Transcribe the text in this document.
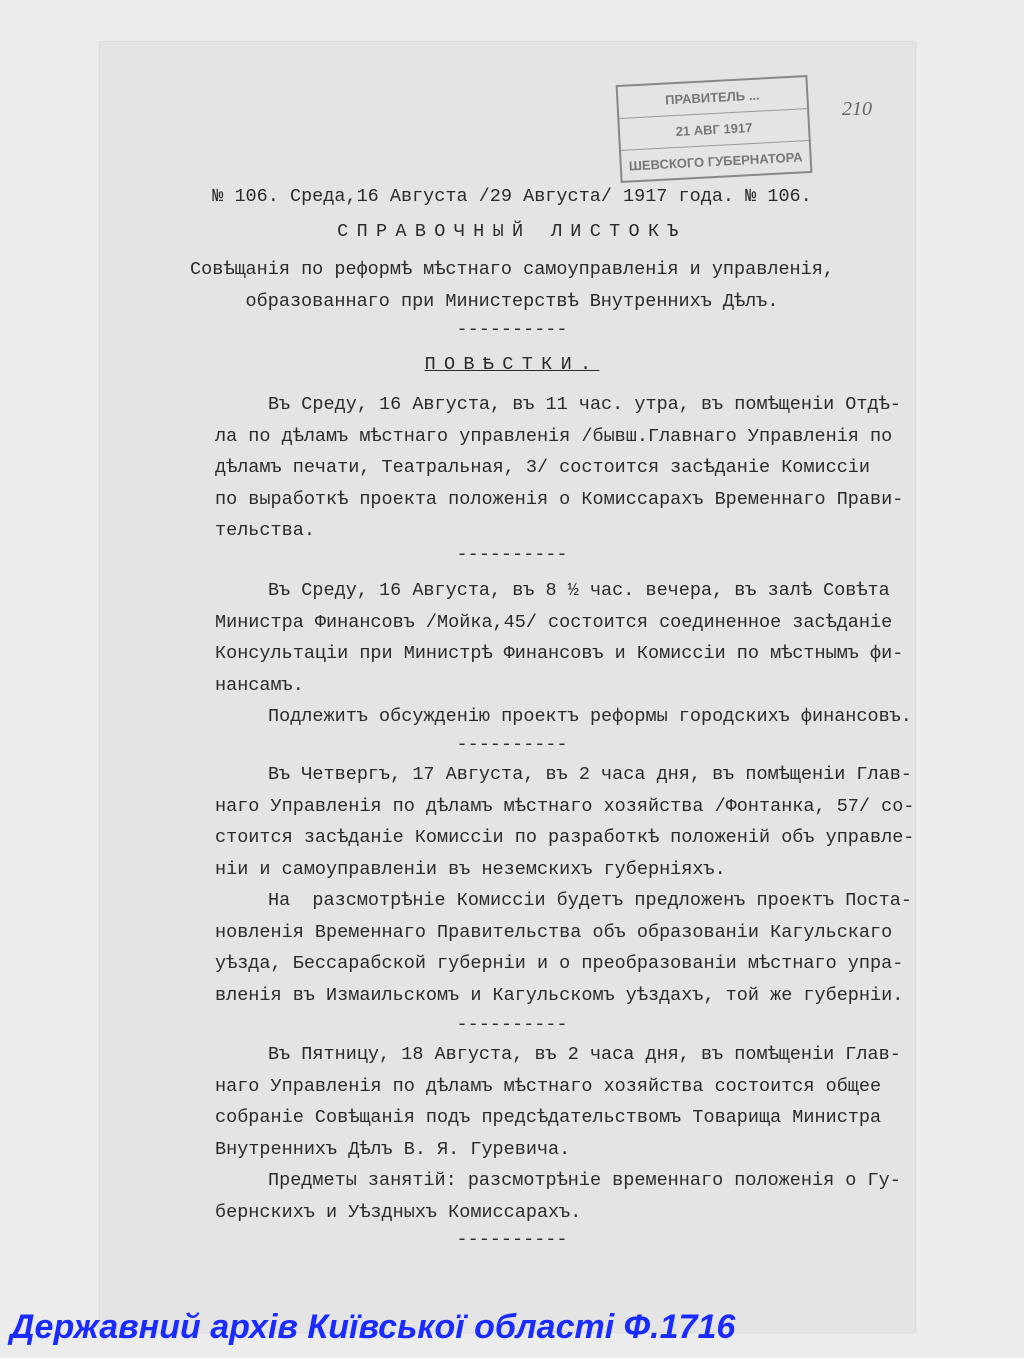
ПРАВИТЕЛЬ ...
21 АВГ 1917
ШЕВСКОГО ГУБЕРНАТОРА
210
№ 106. Среда,16 Августа /29 Августа/ 1917 года. № 106.
СПРАВОЧНЫЙ ЛИСТОКЪ
Совѣщанія по реформѣ мѣстнаго самоуправленія и управленія,
образованнаго при Министерствѣ Внутреннихъ Дѣлъ.
----------
ПОВѢСТКИ.
Въ Среду, 16 Августа, въ 11 час. утра, въ помѣщеніи Отдѣ-
ла по дѣламъ мѣстнаго управленія /бывш.Главнаго Управленія по
дѣламъ печати, Театральная, 3/ состоится засѣданіе Комиссіи
по выработкѣ проекта положенія о Комиссарахъ Временнаго Прави-
тельства.
Въ Среду, 16 Августа, въ 8 ½ час. вечера, въ залѣ Совѣта
Министра Финансовъ /Мойка,45/ состоится соединенное засѣданіе
Консультаціи при Министрѣ Финансовъ и Комиссіи по мѣстнымъ фи-
нансамъ.
Подлежитъ обсужденію проектъ реформы городскихъ финансовъ.
Въ Четвергъ, 17 Августа, въ 2 часа дня, въ помѣщеніи Глав-
наго Управленія по дѣламъ мѣстнаго хозяйства /Фонтанка, 57/ со-
стоится засѣданіе Комиссіи по разработкѣ положеній объ управле-
ніи и самоуправленіи въ неземскихъ губерніяхъ.
На  разсмотрѣніе Комиссіи будетъ предложенъ проектъ Поста-
новленія Временнаго Правительства объ образованіи Кагульскаго
уѣзда, Бессарабской губерніи и о преобразованіи мѣстнаго упра-
вленія въ Измаильскомъ и Кагульскомъ уѣздахъ, той же губерніи.
Въ Пятницу, 18 Августа, въ 2 часа дня, въ помѣщеніи Глав-
наго Управленія по дѣламъ мѣстнаго хозяйства состоится общее
собраніе Совѣщанія подъ предсѣдательствомъ Товарища Министра
Внутреннихъ Дѣлъ В. Я. Гуревича.
Предметы занятій: разсмотрѣніе временнаго положенія о Гу-
бернскихъ и Уѣздныхъ Комиссарахъ.
----------
----------
----------
----------
Державний архів Київської області Ф.1716
